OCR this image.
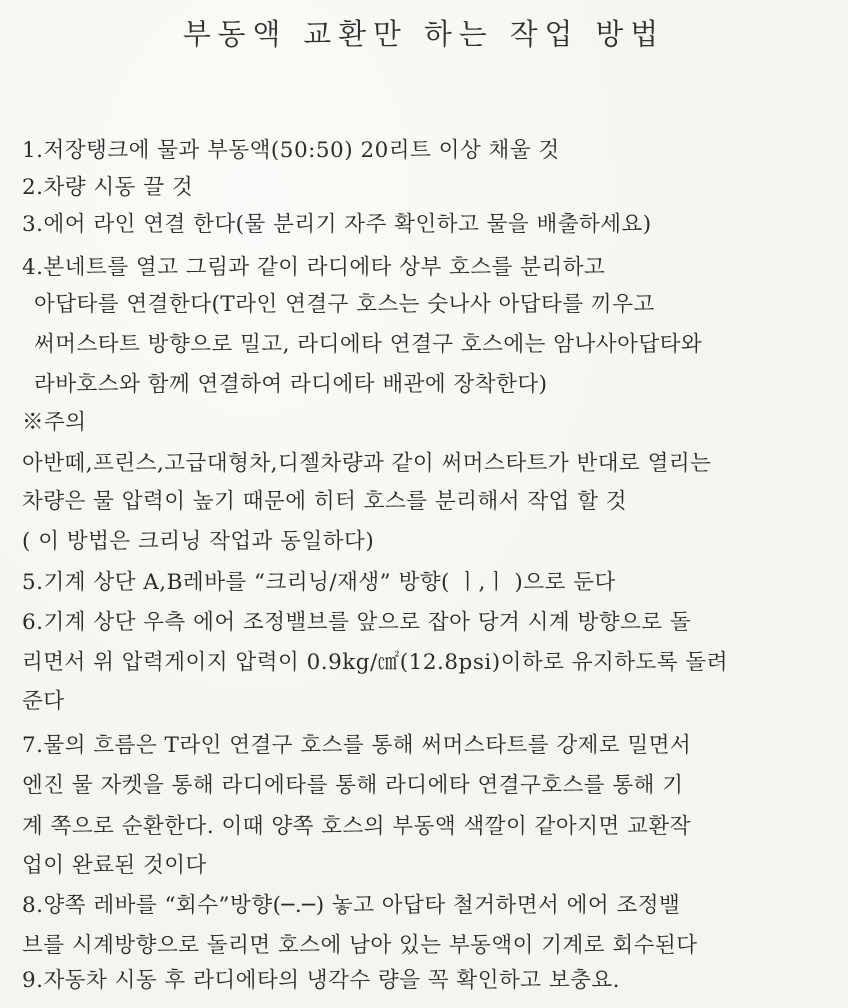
부동액 교환만 하는 작업 방법
1.저장탱크에 물과 부동액(50:50) 20리트 이상 채울 것
2.차량 시동 끌 것
3.에어 라인 연결 한다(물 분리기 자주 확인하고 물을 배출하세요)
4.본네트를 열고 그림과 같이 라디에타 상부 호스를 분리하고
아답타를 연결한다(T라인 연결구 호스는 숫나사 아답타를 끼우고
써머스타트 방향으로 밀고, 라디에타 연결구 호스에는 암나사아답타와
라바호스와 함께 연결하여 라디에타 배관에 장착한다)
※주의
아반떼,프린스,고급대형차,디젤차량과 같이 써머스타트가 반대로 열리는
차량은 물 압력이 높기 때문에 히터 호스를 분리해서 작업 할 것
( 이 방법은 크리닝 작업과 동일하다)
5.기계 상단 A,B레바를 “크리닝/재생” 방향( ㅣ,ㅣ )으로 둔다
6.기계 상단 우측 에어 조정밸브를 앞으로 잡아 당겨 시계 방향으로 돌
리면서 위 압력게이지 압력이 0.9kg/㎠(12.8psi)이하로 유지하도록 돌려
준다
7.물의 흐름은 T라인 연결구 호스를 통해 써머스타트를 강제로 밀면서
엔진 물 자켓을 통해 라디에타를 통해 라디에타 연결구호스를 통해 기
계 쪽으로 순환한다. 이때 양쪽 호스의 부동액 색깔이 같아지면 교환작
업이 완료된 것이다
8.양쪽 레바를 “회수”방향(─.─) 놓고 아답타 철거하면서 에어 조정밸
브를 시계방향으로 돌리면 호스에 남아 있는 부동액이 기계로 회수된다
9.자동차 시동 후 라디에타의 냉각수 량을 꼭 확인하고 보충요.
